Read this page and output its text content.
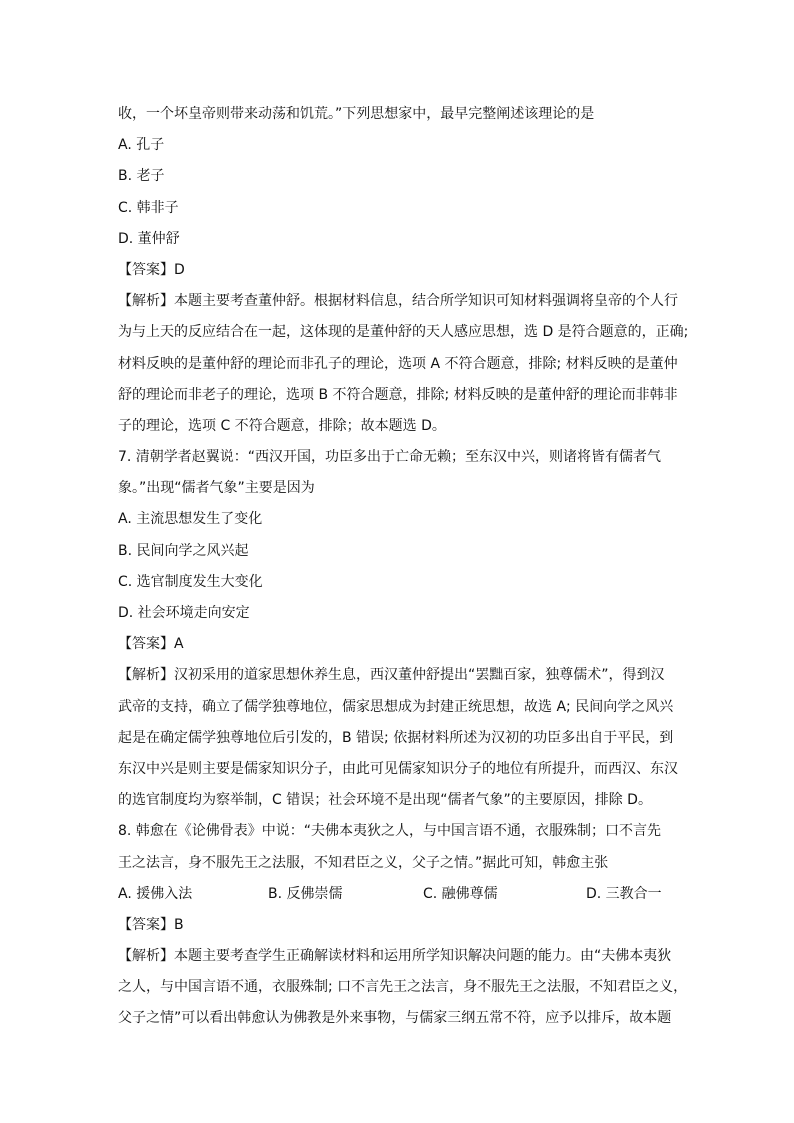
收，一个坏皇帝则带来动荡和饥荒。”下列思想家中，最早完整阐述该理论的是
A. 孔子
B. 老子
C. 韩非子
D. 董仲舒
【答案】D
【解析】本题主要考查董仲舒。根据材料信息，结合所学知识可知材料强调将皇帝的个人行
为与上天的反应结合在一起，这体现的是董仲舒的天人感应思想，选 D 是符合题意的，正确;
材料反映的是董仲舒的理论而非孔子的理论，选项 A 不符合题意，排除; 材料反映的是董仲
舒的理论而非老子的理论，选项 B 不符合题意，排除; 材料反映的是董仲舒的理论而非韩非
子的理论，选项 C 不符合题意，排除；故本题选 D。
7. 清朝学者赵翼说：“西汉开国，功臣多出于亡命无赖；至东汉中兴，则诸将皆有儒者气
象。”出现“儒者气象”主要是因为
A. 主流思想发生了变化
B. 民间向学之风兴起
C. 选官制度发生大变化
D. 社会环境走向安定
【答案】A
【解析】汉初采用的道家思想休养生息，西汉董仲舒提出“罢黜百家，独尊儒术”，得到汉
武帝的支持，确立了儒学独尊地位，儒家思想成为封建正统思想，故选 A; 民间向学之风兴
起是在确定儒学独尊地位后引发的，B 错误; 依据材料所述为汉初的功臣多出自于平民，到
东汉中兴是则主要是儒家知识分子，由此可见儒家知识分子的地位有所提升，而西汉、东汉
的选官制度均为察举制，C 错误；社会环境不是出现“儒者气象”的主要原因，排除 D。
8. 韩愈在《论佛骨表》中说：“夫佛本夷狄之人，与中国言语不通，衣服殊制；口不言先
王之法言，身不服先王之法服，不知君臣之义，父子之情。”据此可知，韩愈主张
A. 援佛入法	B. 反佛崇儒	C. 融佛尊儒	D. 三教合一
【答案】B
【解析】本题主要考查学生正确解读材料和运用所学知识解决问题的能力。由“夫佛本夷狄
之人，与中国言语不通，衣服殊制; 口不言先王之法言，身不服先王之法服，不知君臣之义，
父子之情”可以看出韩愈认为佛教是外来事物，与儒家三纲五常不符，应予以排斥，故本题
